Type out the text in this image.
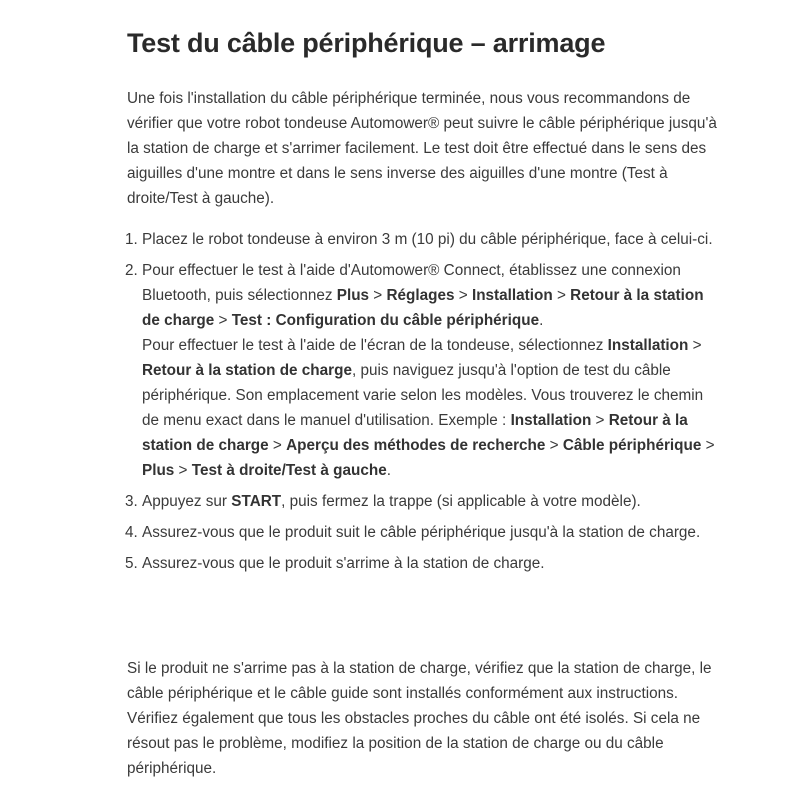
Test du câble périphérique – arrimage

Une fois l'installation du câble périphérique terminée, nous vous recommandons de vérifier que votre robot tondeuse Automower® peut suivre le câble périphérique jusqu'à la station de charge et s'arrimer facilement. Le test doit être effectué dans le sens des aiguilles d'une montre et dans le sens inverse des aiguilles d'une montre (Test à droite/Test à gauche).

1. Placez le robot tondeuse à environ 3 m (10 pi) du câble périphérique, face à celui-ci.
2. Pour effectuer le test à l'aide d'Automower® Connect, établissez une connexion Bluetooth, puis sélectionnez Plus > Réglages > Installation > Retour à la station de charge > Test : Configuration du câble périphérique.
Pour effectuer le test à l'aide de l'écran de la tondeuse, sélectionnez Installation > Retour à la station de charge, puis naviguez jusqu'à l'option de test du câble périphérique. Son emplacement varie selon les modèles. Vous trouverez le chemin de menu exact dans le manuel d'utilisation. Exemple : Installation > Retour à la station de charge > Aperçu des méthodes de recherche > Câble périphérique > Plus > Test à droite/Test à gauche.
3. Appuyez sur START, puis fermez la trappe (si applicable à votre modèle).
4. Assurez-vous que le produit suit le câble périphérique jusqu'à la station de charge.
5. Assurez-vous que le produit s'arrime à la station de charge.

Si le produit ne s'arrime pas à la station de charge, vérifiez que la station de charge, le câble périphérique et le câble guide sont installés conformément aux instructions. Vérifiez également que tous les obstacles proches du câble ont été isolés. Si cela ne résout pas le problème, modifiez la position de la station de charge ou du câble périphérique.
